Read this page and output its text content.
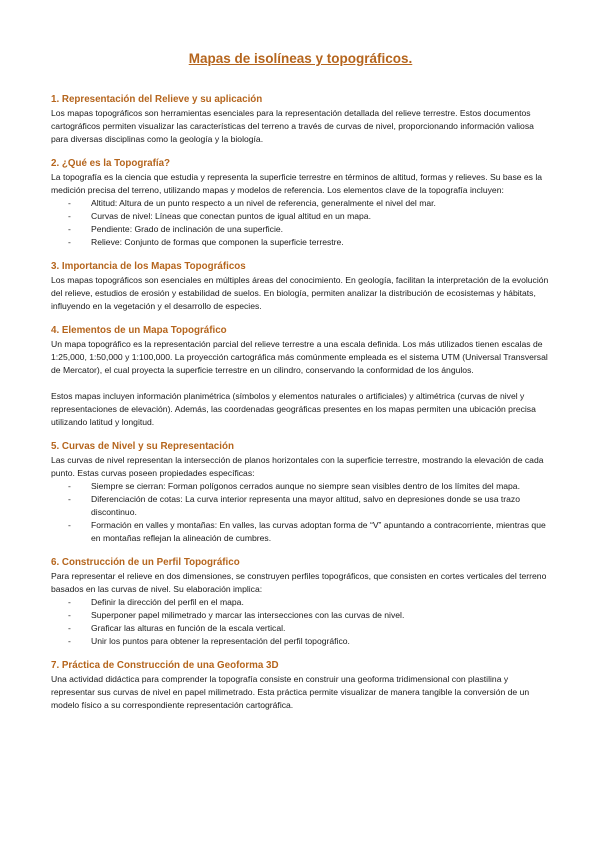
Mapas de isolíneas y topográficos.
1. Representación del Relieve y su aplicación

Los mapas topográficos son herramientas esenciales para la representación detallada del relieve terrestre. Estos documentos cartográficos permiten visualizar las características del terreno a través de curvas de nivel, proporcionando información valiosa para diversas disciplinas como la geología y la biología.

2. ¿Qué es la Topografía?

La topografía es la ciencia que estudia y representa la superficie terrestre en términos de altitud, formas y relieves. Su base es la medición precisa del terreno, utilizando mapas y modelos de referencia. Los elementos clave de la topografía incluyen:

- Altitud: Altura de un punto respecto a un nivel de referencia, generalmente el nivel del mar.
- Curvas de nivel: Líneas que conectan puntos de igual altitud en un mapa.
- Pendiente: Grado de inclinación de una superficie.
- Relieve: Conjunto de formas que componen la superficie terrestre.
3. Importancia de los Mapas Topográficos

Los mapas topográficos son esenciales en múltiples áreas del conocimiento. En geología, facilitan la interpretación de la evolución del relieve, estudios de erosión y estabilidad de suelos. En biología, permiten analizar la distribución de ecosistemas y hábitats, influyendo en la vegetación y el desarrollo de especies.

4. Elementos de un Mapa Topográfico

Un mapa topográfico es la representación parcial del relieve terrestre a una escala definida. Los más utilizados tienen escalas de 1:25,000, 1:50,000 y 1:100,000. La proyección cartográfica más comúnmente empleada es el sistema UTM (Universal Transversal de Mercator), el cual proyecta la superficie terrestre en un cilindro, conservando la conformidad de los ángulos.

Estos mapas incluyen información planimétrica (símbolos y elementos naturales o artificiales) y altimétrica (curvas de nivel y representaciones de elevación). Además, las coordenadas geográficas presentes en los mapas permiten una ubicación precisa utilizando latitud y longitud.

5. Curvas de Nivel y su Representación

Las curvas de nivel representan la intersección de planos horizontales con la superficie terrestre, mostrando la elevación de cada punto. Estas curvas poseen propiedades específicas:

- Siempre se cierran: Forman polígonos cerrados aunque no siempre sean visibles dentro de los límites del mapa.
- Diferenciación de cotas: La curva interior representa una mayor altitud, salvo en depresiones donde se usa trazo discontinuo.
- Formación en valles y montañas: En valles, las curvas adoptan forma de “V” apuntando a contracorriente, mientras que en montañas reflejan la alineación de cumbres.
6. Construcción de un Perfil Topográfico

Para representar el relieve en dos dimensiones, se construyen perfiles topográficos, que consisten en cortes verticales del terreno basados en las curvas de nivel. Su elaboración implica:

- Definir la dirección del perfil en el mapa.
- Superponer papel milimetrado y marcar las intersecciones con las curvas de nivel.
- Graficar las alturas en función de la escala vertical.
- Unir los puntos para obtener la representación del perfil topográfico.
7. Práctica de Construcción de una Geoforma 3D

Una actividad didáctica para comprender la topografía consiste en construir una geoforma tridimensional con plastilina y representar sus curvas de nivel en papel milimetrado. Esta práctica permite visualizar de manera tangible la conversión de un modelo físico a su correspondiente representación cartográfica.
